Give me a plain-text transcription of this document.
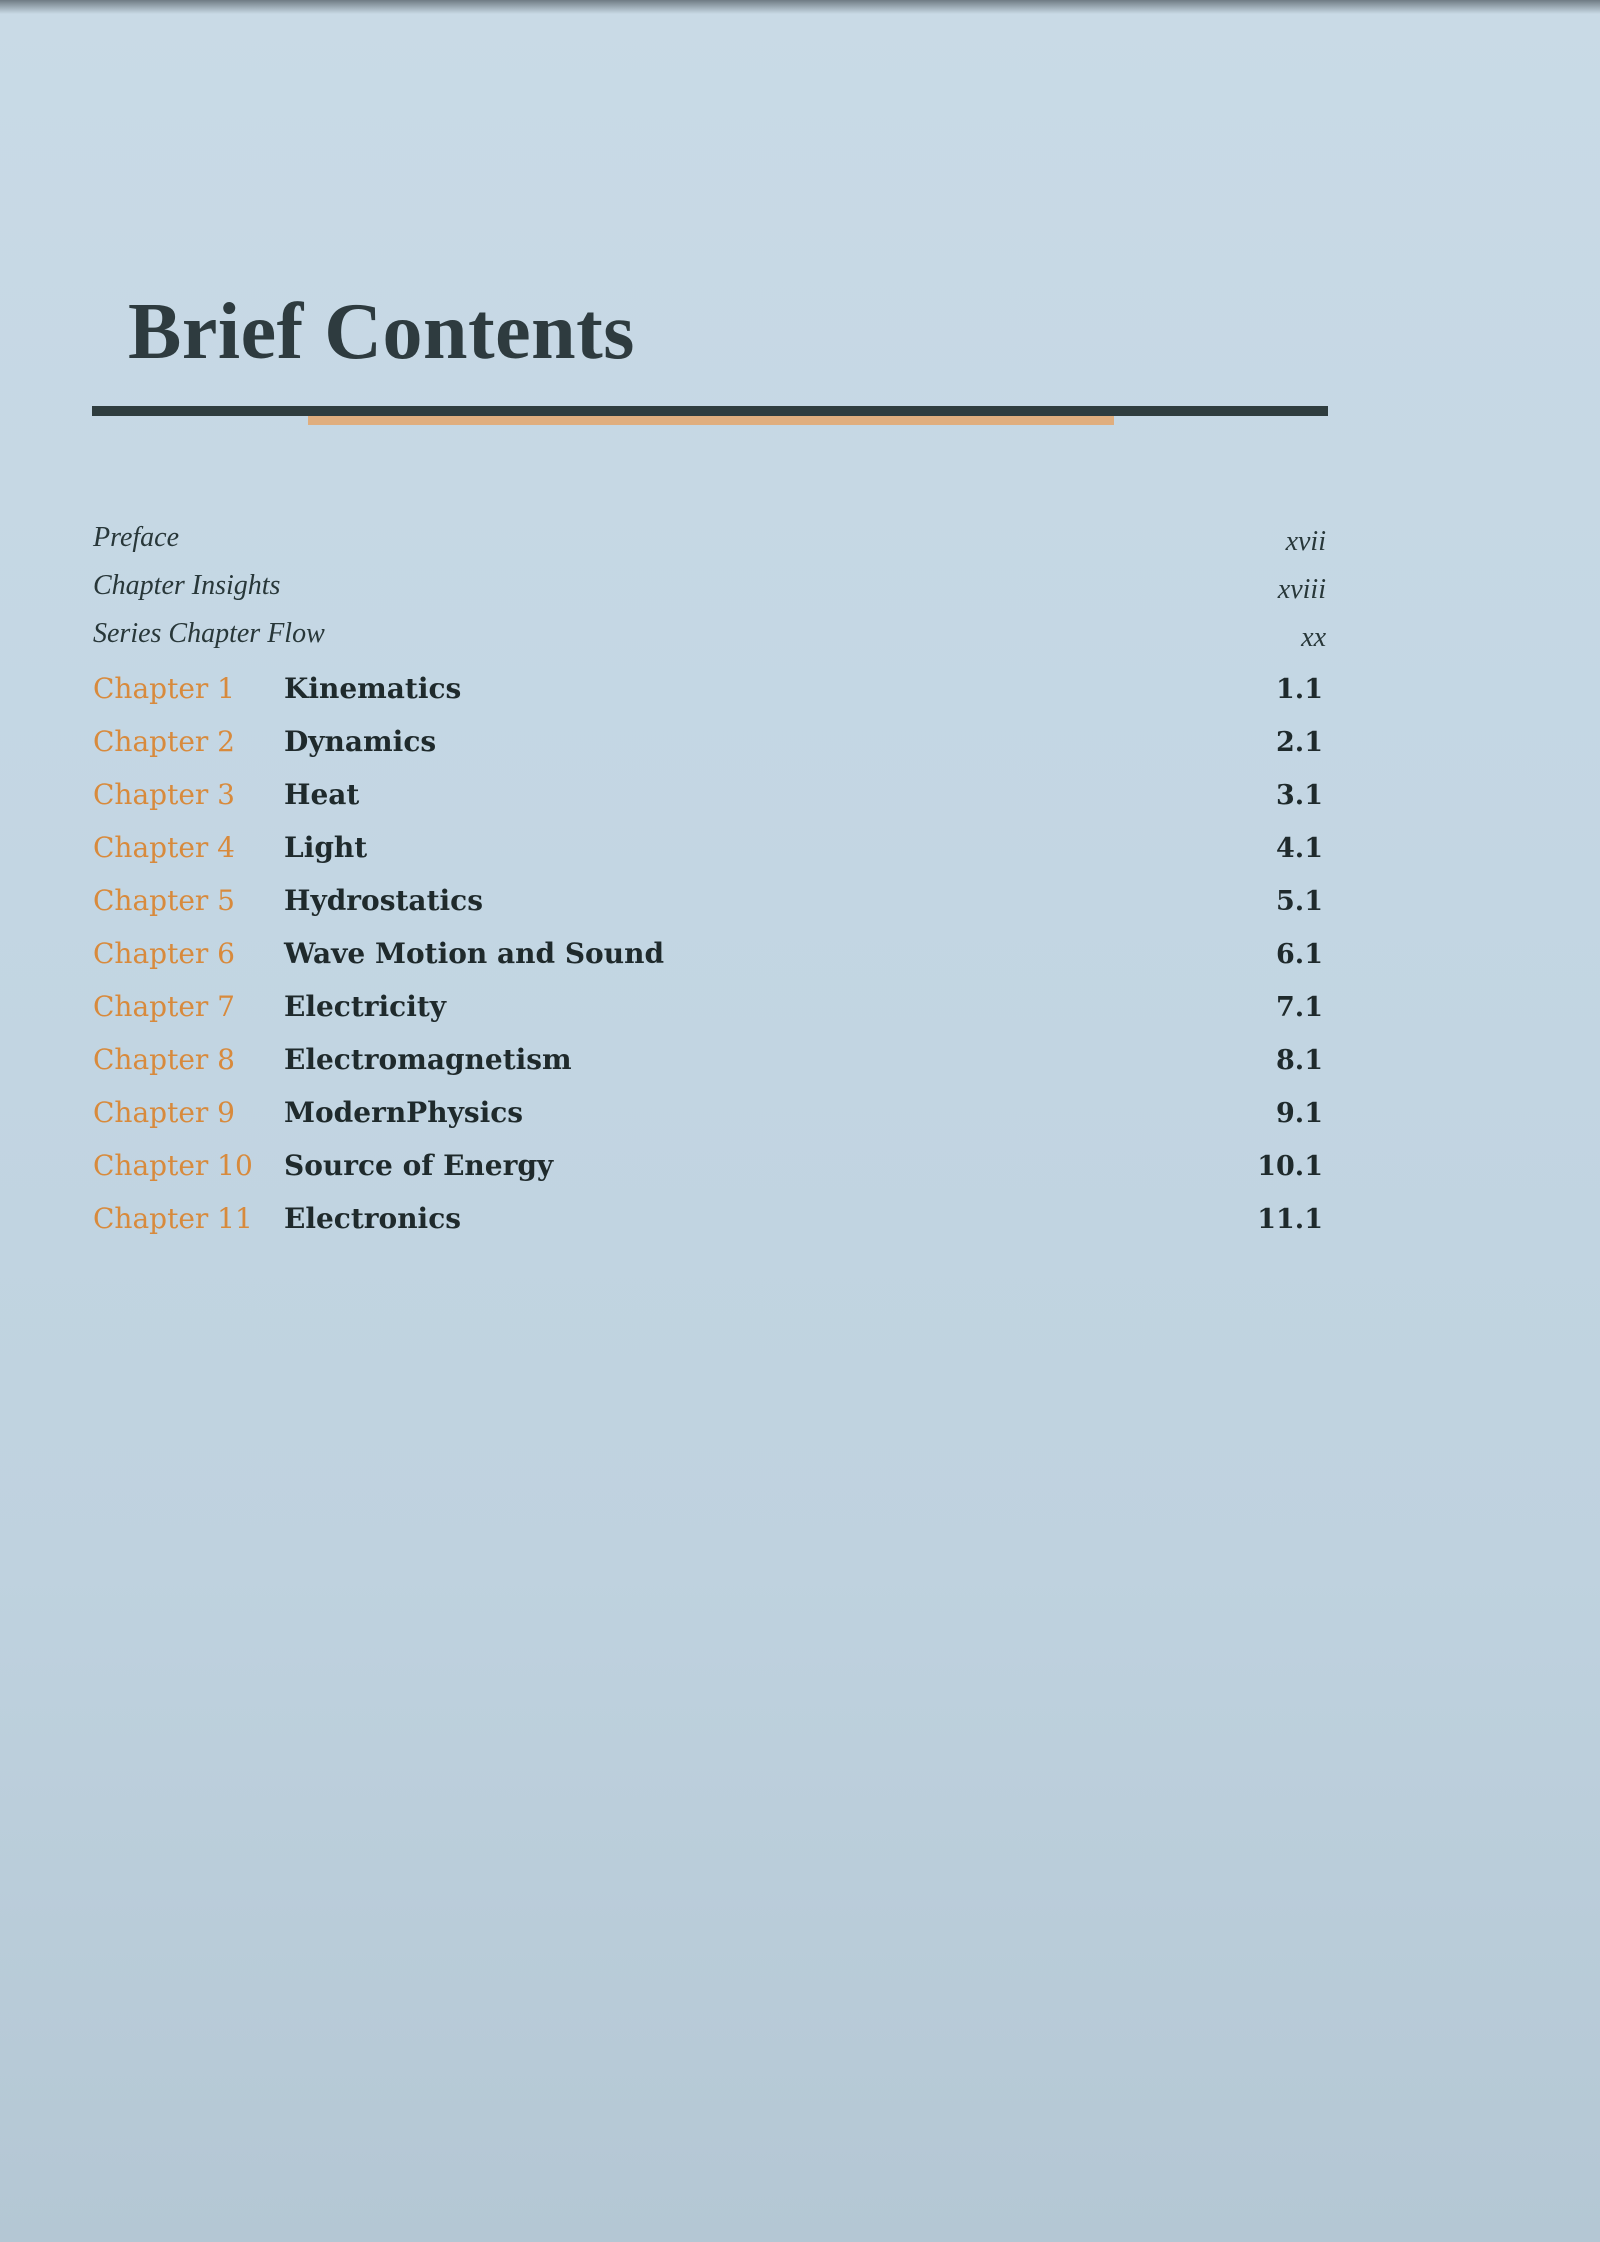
Brief Contents
Preface	xvii
Chapter Insights	xviii
Series Chapter Flow	xx
Chapter 1 Kinematics	1.1
Chapter 2 Dynamics	2.1
Chapter 3 Heat	3.1
Chapter 4 Light	4.1
Chapter 5 Hydrostatics	5.1
Chapter 6 Wave Motion and Sound	6.1
Chapter 7 Electricity	7.1
Chapter 8 Electromagnetism	8.1
Chapter 9 ModernPhysics	9.1
Chapter 10 Source of Energy	10.1
Chapter 11 Electronics	11.1
